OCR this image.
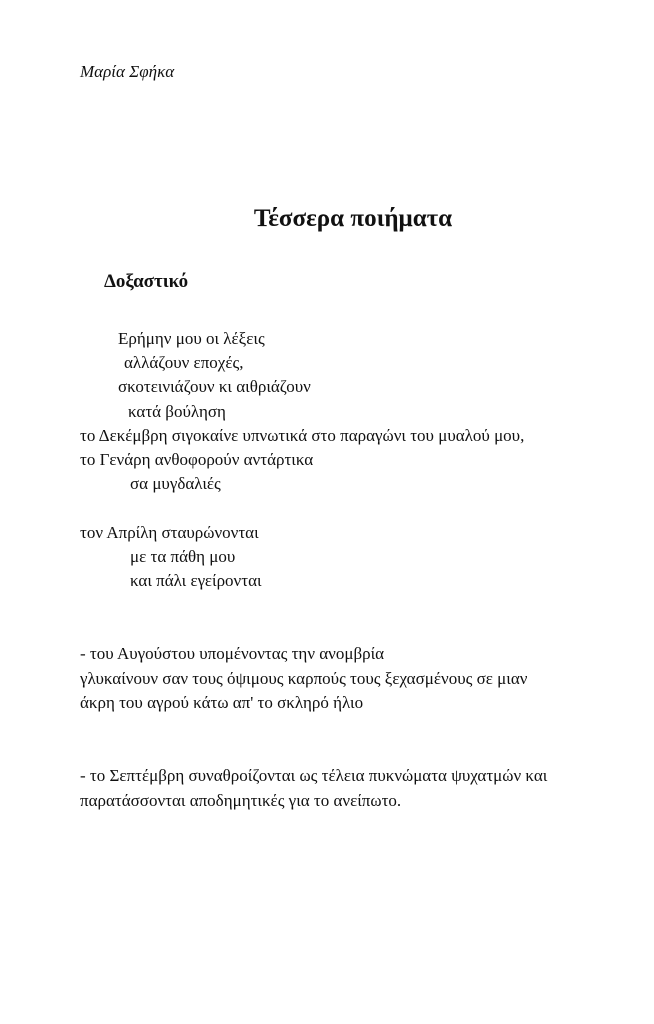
Μαρία Σφήκα
Τέσσερα ποιήματα
Δοξαστικό
Ερήμην μου οι λέξεις
αλλάζουν εποχές,
σκοτεινιάζουν κι αιθριάζουν
κατά βούληση
το Δεκέμβρη σιγοκαίνε υπνωτικά στο παραγώνι του μυαλού μου,
το Γενάρη ανθοφορούν αντάρτικα
σα μυγδαλιές
τον Απρίλη σταυρώνονται
με τα πάθη μου
και πάλι εγείρονται
- του Αυγούστου υπομένοντας την ανομβρία
γλυκαίνουν σαν τους όψιμους καρπούς τους ξεχασμένους σε μιαν
άκρη του αγρού κάτω απ' το σκληρό ήλιο
- το Σεπτέμβρη συναθροίζονται ως τέλεια πυκνώματα ψυχατμών και
παρατάσσονται αποδημητικές για το ανείπωτο.
